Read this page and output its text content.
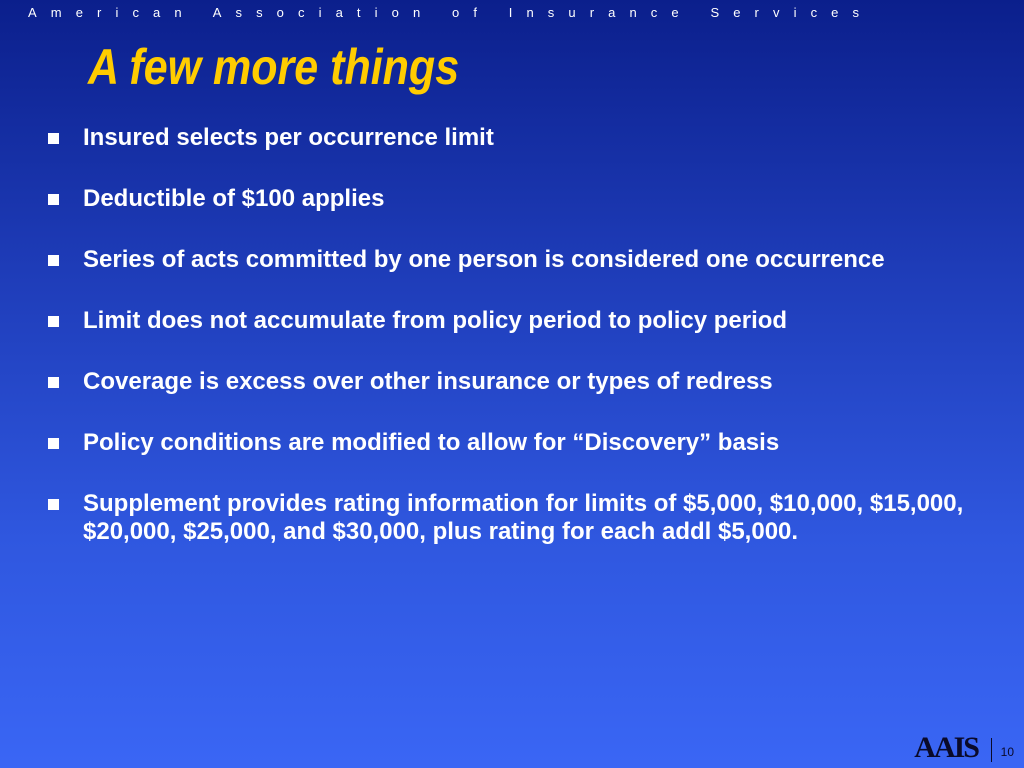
American Association of Insurance Services
A few more things
Insured selects per occurrence limit
Deductible of $100 applies
Series of acts committed by one person is considered one occurrence
Limit does not accumulate from policy period to policy period
Coverage is excess over other insurance or types of redress
Policy conditions are modified to allow for “Discovery” basis
Supplement provides rating information for limits of $5,000, $10,000, $15,000, $20,000, $25,000, and $30,000, plus rating for each addl $5,000.
AAIS 10
